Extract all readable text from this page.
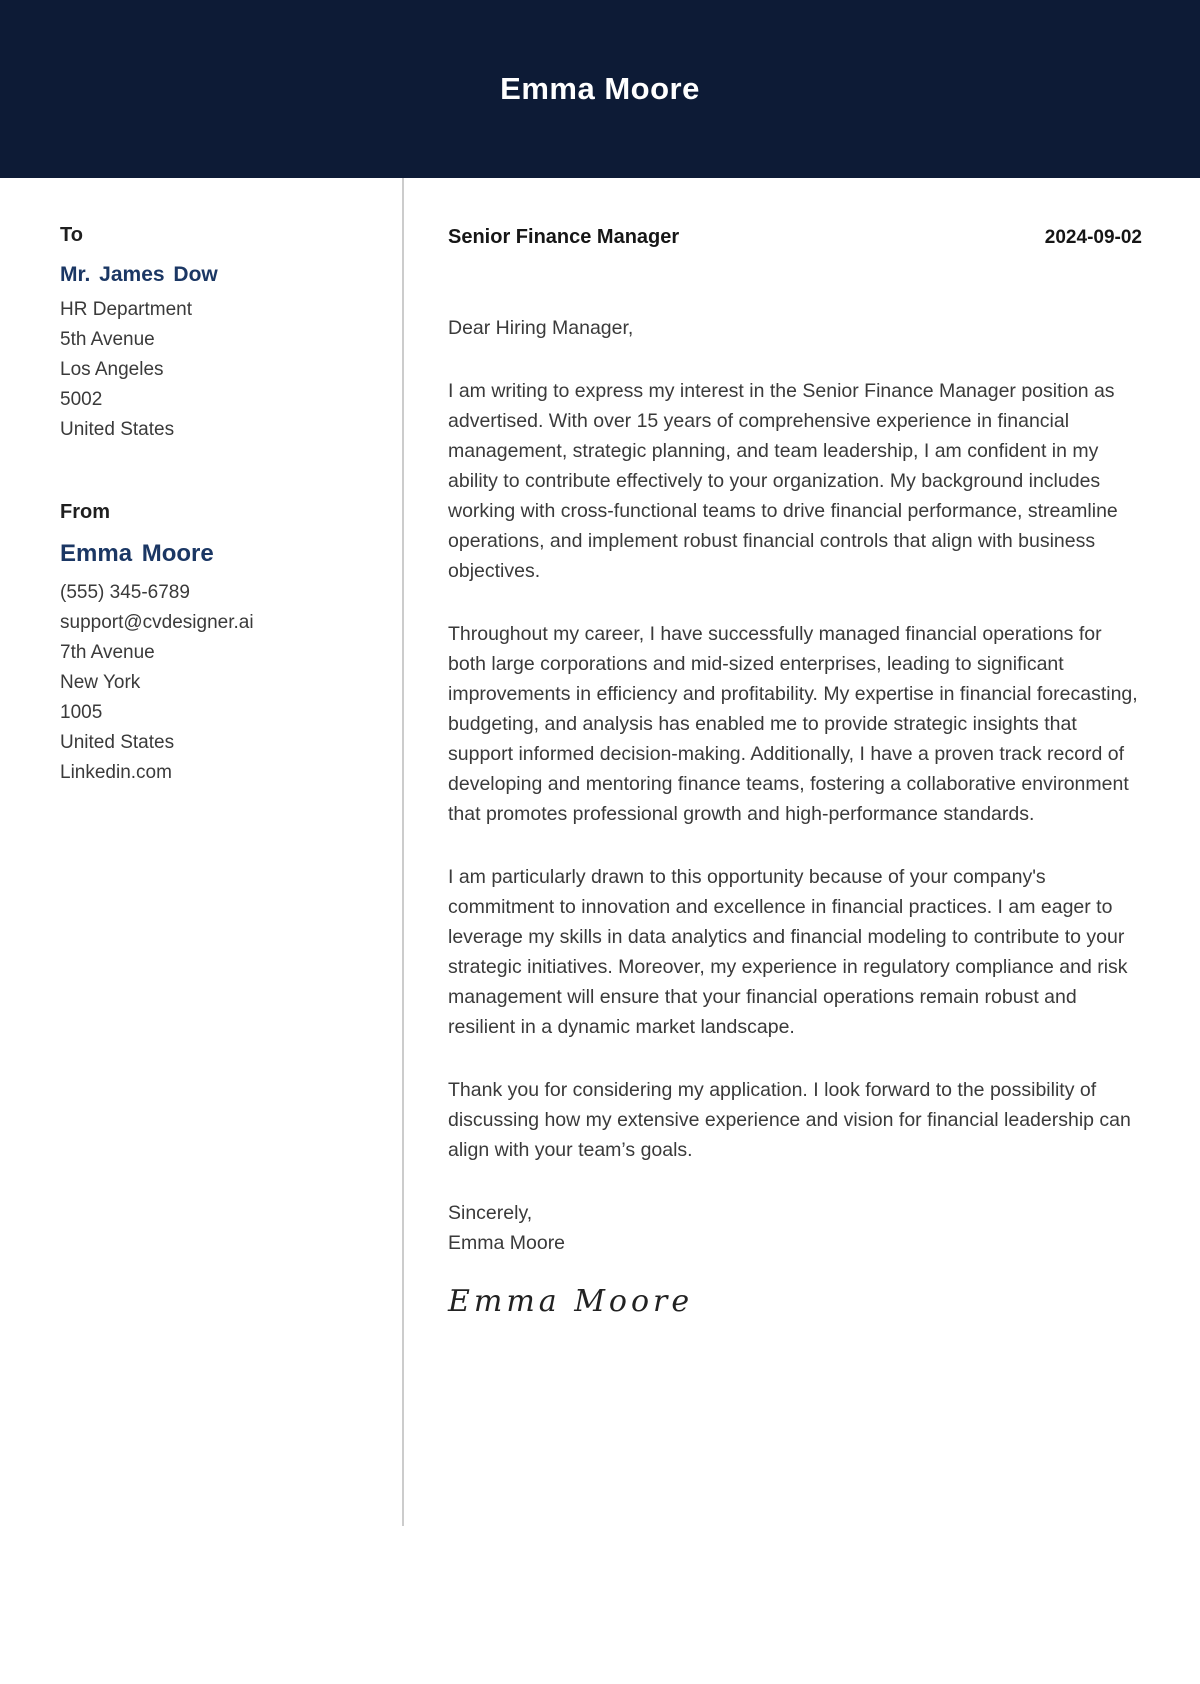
Emma Moore
To
Mr. James Dow
HR Department
5th Avenue
Los Angeles
5002
United States
From
Emma Moore
(555) 345-6789
support@cvdesigner.ai
7th Avenue
New York
1005
United States
Linkedin.com
Senior Finance Manager	2024-09-02
Dear Hiring Manager,

I am writing to express my interest in the Senior Finance Manager position as advertised. With over 15 years of comprehensive experience in financial management, strategic planning, and team leadership, I am confident in my ability to contribute effectively to your organization. My background includes working with cross-functional teams to drive financial performance, streamline operations, and implement robust financial controls that align with business objectives.

Throughout my career, I have successfully managed financial operations for both large corporations and mid-sized enterprises, leading to significant improvements in efficiency and profitability. My expertise in financial forecasting, budgeting, and analysis has enabled me to provide strategic insights that support informed decision-making. Additionally, I have a proven track record of developing and mentoring finance teams, fostering a collaborative environment that promotes professional growth and high-performance standards.

I am particularly drawn to this opportunity because of your company's commitment to innovation and excellence in financial practices. I am eager to leverage my skills in data analytics and financial modeling to contribute to your strategic initiatives. Moreover, my experience in regulatory compliance and risk management will ensure that your financial operations remain robust and resilient in a dynamic market landscape.

Thank you for considering my application. I look forward to the possibility of discussing how my extensive experience and vision for financial leadership can align with your team’s goals.

Sincerely,
Emma Moore
Emma Moore
